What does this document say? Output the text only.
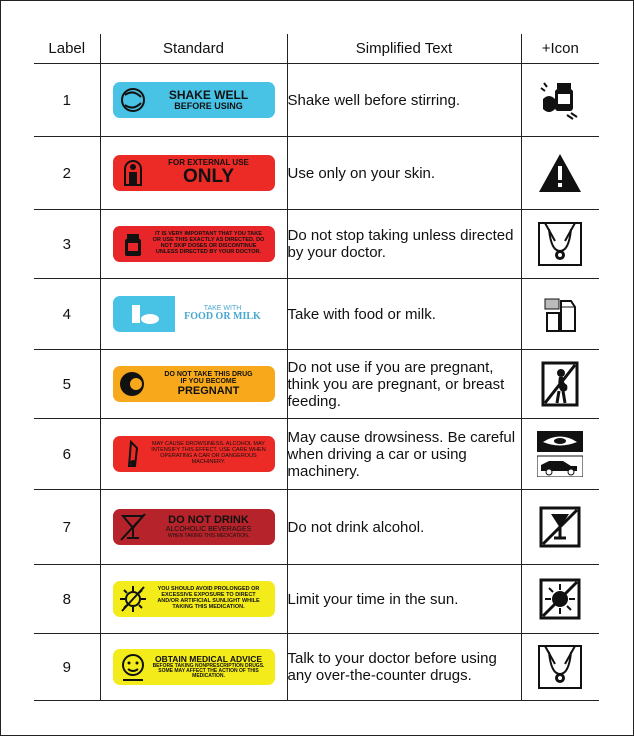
Label	Standard	Simplified Text	+Icon
1	SHAKE WELL
BEFORE USING	Shake well before stirring.	
2	FOR EXTERNAL USE
ONLY	Use only on your skin.	
3	IT IS VERY IMPORTANT THAT YOU TAKE OR USE THIS EXACTLY AS DIRECTED. DO NOT SKIP DOSES OR DISCONTINUE UNLESS DIRECTED BY YOUR DOCTOR.	Do not stop taking unless directed by your doctor.	
4	TAKE WITH
FOOD OR MILK	Take with food or milk.	
5	DO NOT TAKE THIS DRUG
IF YOU BECOME
PREGNANT	Do not use if you are pregnant, think you are pregnant, or breast feeding.	
6	MAY CAUSE DROWSINESS. ALCOHOL MAY INTENSIFY THIS EFFECT. USE CARE WHEN OPERATING A CAR OR DANGEROUS MACHINERY.	May cause drowsiness. Be careful when driving a car or using machinery.	
7	DO NOT DRINK
ALCOHOLIC BEVERAGES
WHEN TAKING THIS MEDICATION.	Do not drink alcohol.	
8	YOU SHOULD AVOID PROLONGED OR EXCESSIVE EXPOSURE TO DIRECT AND/OR ARTIFICIAL SUNLIGHT WHILE TAKING THIS MEDICATION.	Limit your time in the sun.	
9	OBTAIN MEDICAL ADVICE
BEFORE TAKING NONPRESCRIPTION DRUGS. SOME MAY AFFECT THE ACTION OF THIS MEDICATION.	Talk to your doctor before using any over-the-counter drugs.	
